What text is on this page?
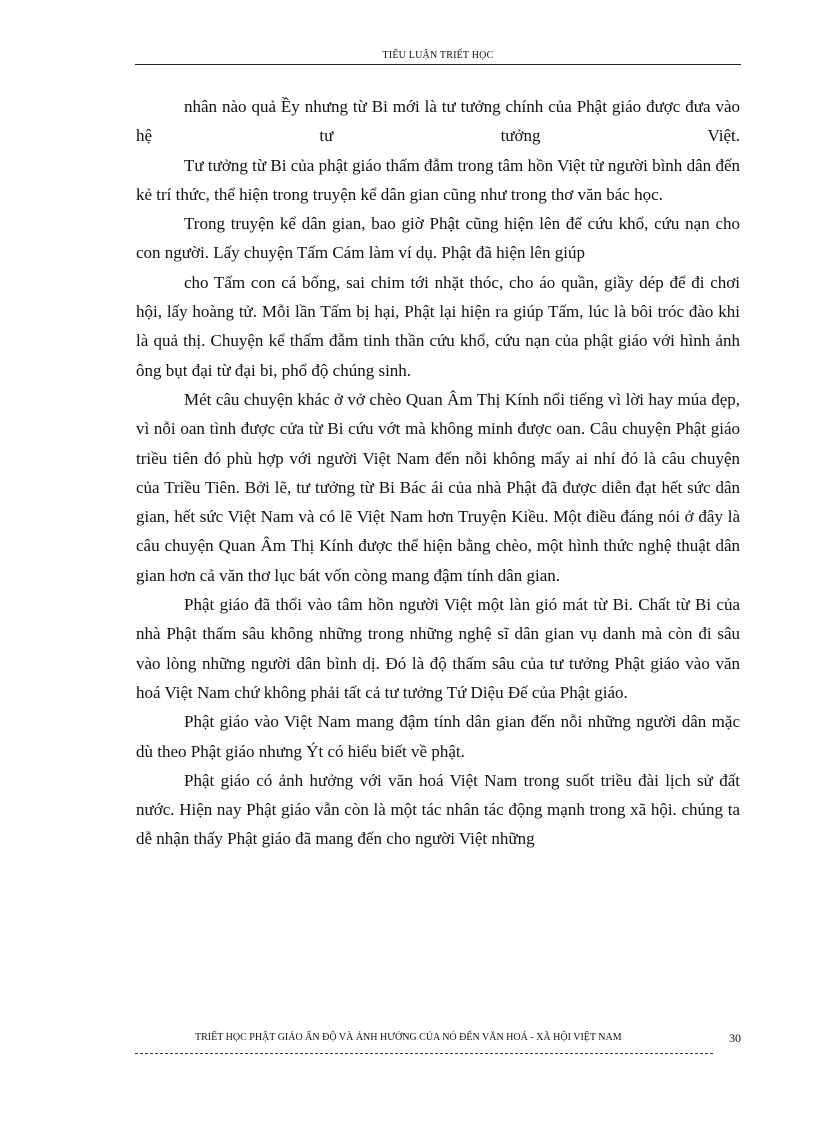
TIỂU LUẬN TRIẾT HỌC

nhân nào quả Ềy nhưng từ Bi mới là tư tưởng chính của Phật giáo được đưa vào hệ tư tưởng Việt.

Tư tưởng từ Bi của phật giáo thấm đẫm trong tâm hồn Việt từ người bình dân đến kẻ trí thức, thể hiện trong truyện kể dân gian cũng như trong thơ văn bác học.

Trong truyện kể dân gian, bao giờ Phật cũng hiện lên để cứu khổ, cứu nạn cho con người. Lấy chuyện Tấm Cám làm ví dụ. Phật đã hiện lên giúp

cho Tấm con cá bống, sai chim tới nhặt thóc, cho áo quần, giầy dép để đi chơi hội, lấy hoàng tử. Mỗi lần Tấm bị hại, Phật lại hiện ra giúp Tấm, lúc là bôi tróc đào khi là quả thị. Chuyện kể thấm đẫm tinh thần cứu khổ, cứu nạn của phật giáo với hình ảnh ông bụt đại từ đại bi, phổ độ chúng sinh.

Mét câu chuyện khác ở vở chèo Quan Âm Thị Kính nổi tiếng vì lời hay múa đẹp, vì nỗi oan tình được cửa từ Bi cứu vớt mà không minh được oan. Câu chuyện Phật giáo triều tiên đó phù hợp với người Việt Nam đến nỗi không mấy ai nhí đó là câu chuyện của Triều Tiên. Bởi lẽ, tư tưởng từ Bi Bác ái của nhà Phật đã được diễn đạt hết sức dân gian, hết sức Việt Nam và có lẽ Việt Nam hơn Truyện Kiều. Một điều đáng nói ở đây là câu chuyện Quan Âm Thị Kính được thể hiện bằng chèo, một hình thức nghệ thuật dân gian hơn cả văn thơ lục bát vốn còng mang đậm tính dân gian.

Phật giáo đã thổi vào tâm hồn người Việt một làn gió mát từ Bi. Chất từ Bi của nhà Phật thấm sâu không những trong những nghệ sĩ dân gian vụ danh mà còn đi sâu vào lòng những người dân bình dị. Đó là độ thấm sâu của tư tưởng Phật giáo vào văn hoá Việt Nam chứ không phải tất cả tư tưởng Tứ Diệu Đế của Phật giáo.

Phật giáo vào Việt Nam mang đậm tính dân gian đến nỗi những người dân mặc dù theo Phật giáo nhưng Ýt có hiểu biết về phật.

Phật giáo có ảnh hưởng với văn hoá Việt Nam trong suốt triều đài lịch sử đất nước. Hiện nay Phật giáo vẫn còn là một tác nhân tác động mạnh trong xã hội. chúng ta dễ nhận thấy Phật giáo đã mang đến cho người Việt những

TRIẾT HỌC PHẬT GIÁO ẤN ĐỘ VÀ ẢNH HƯỞNG CỦA NÓ ĐẾN VĂN HOÁ - XÃ HỘI VIỆT NAM	30
